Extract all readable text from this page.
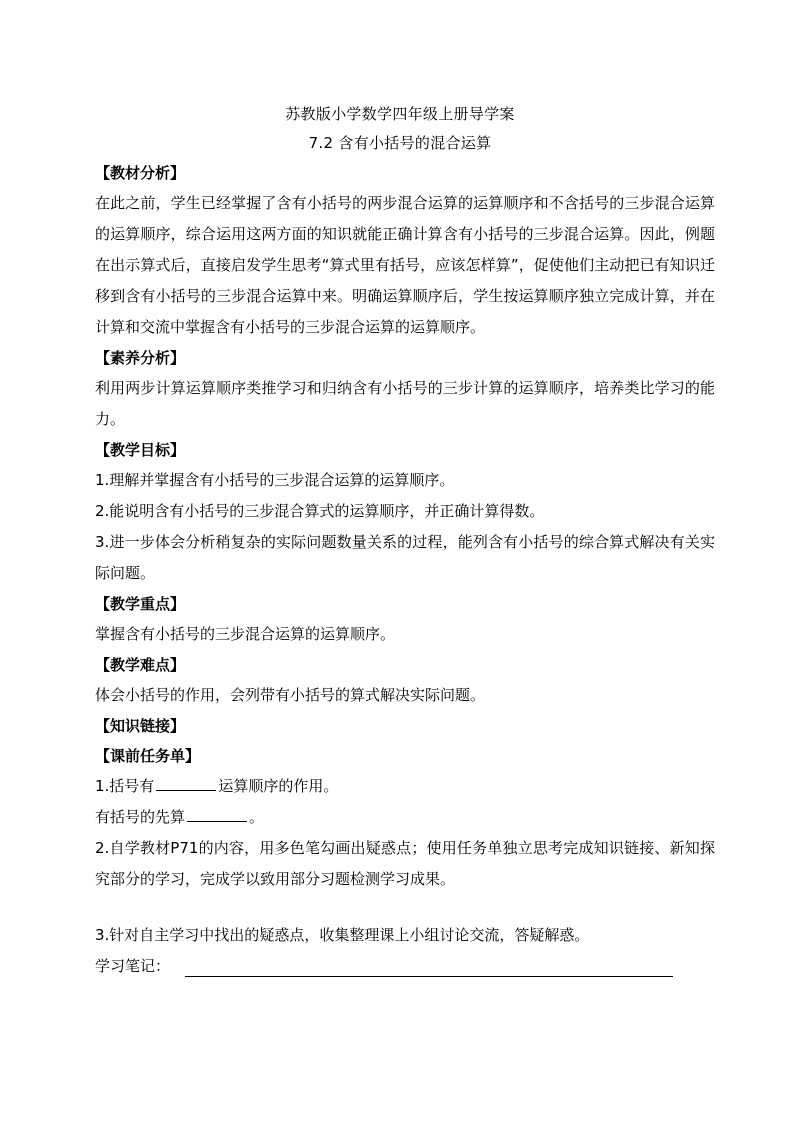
苏教版小学数学四年级上册导学案
7.2 含有小括号的混合运算
【教材分析】
在此之前，学生已经掌握了含有小括号的两步混合运算的运算顺序和不含括号的三步混合运算的运算顺序，综合运用这两方面的知识就能正确计算含有小括号的三步混合运算。因此，例题在出示算式后，直接启发学生思考“算式里有括号，应该怎样算”，促使他们主动把已有知识迁移到含有小括号的三步混合运算中来。明确运算顺序后，学生按运算顺序独立完成计算，并在计算和交流中掌握含有小括号的三步混合运算的运算顺序。
【素养分析】
利用两步计算运算顺序类推学习和归纳含有小括号的三步计算的运算顺序，培养类比学习的能力。
【教学目标】
1.理解并掌握含有小括号的三步混合运算的运算顺序。
2.能说明含有小括号的三步混合算式的运算顺序，并正确计算得数。
3.进一步体会分析稍复杂的实际问题数量关系的过程，能列含有小括号的综合算式解决有关实际问题。
【教学重点】
掌握含有小括号的三步混合运算的运算顺序。
【教学难点】
体会小括号的作用，会列带有小括号的算式解决实际问题。
【知识链接】
【课前任务单】
1.括号有	运算顺序的作用。
有括号的先算	。
2.自学教材P71的内容，用多色笔勾画出疑惑点；使用任务单独立思考完成知识链接、新知探究部分的学习，完成学以致用部分习题检测学习成果。
3.针对自主学习中找出的疑惑点，收集整理课上小组讨论交流，答疑解惑。
学习笔记：
